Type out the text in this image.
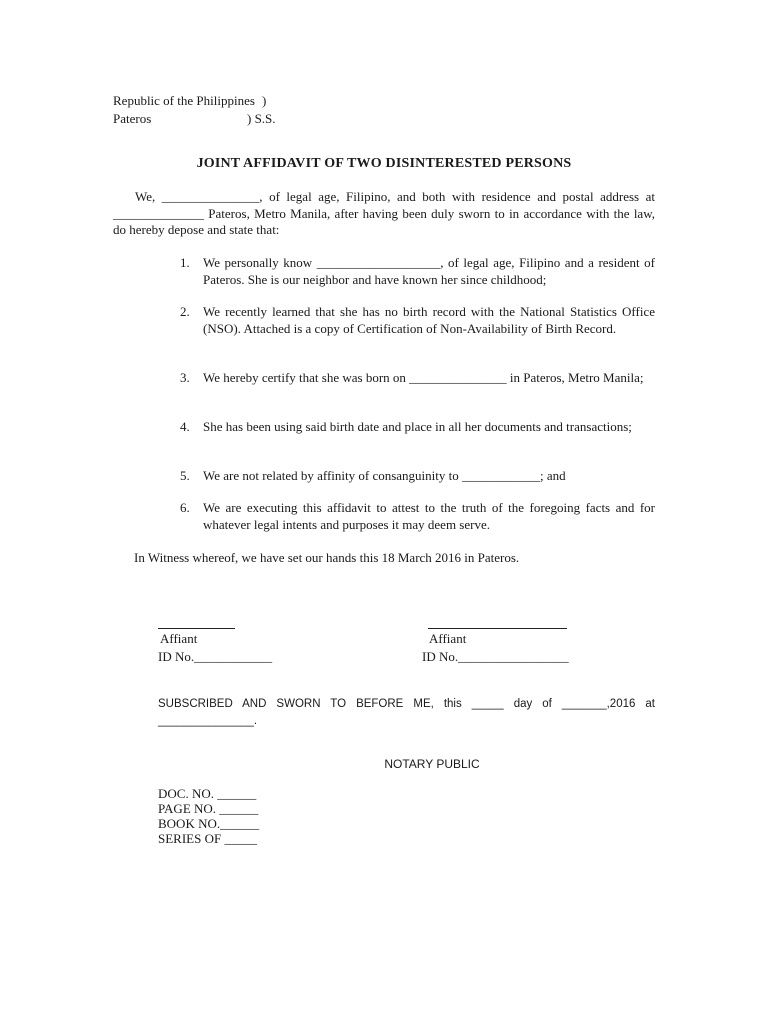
Republic of the Philippines )
Pateros	) S.S.
JOINT AFFIDAVIT OF TWO DISINTERESTED PERSONS
We, _______________, of legal age, Filipino, and both with residence and postal address at ______________ Pateros, Metro Manila, after having been duly sworn to in accordance with the law, do hereby depose and state that:
1.	We personally know ___________________, of legal age, Filipino and a resident of Pateros. She is our neighbor and have known her since childhood;
2.	We recently learned that she has no birth record with the National Statistics Office (NSO). Attached is a copy of Certification of Non-Availability of Birth Record.
3.	We hereby certify that she was born on _______________ in Pateros, Metro Manila;
4.	She has been using said birth date and place in all her documents and transactions;
5.	We are not related by affinity of consanguinity to ____________; and
6.	We are executing this affidavit to attest to the truth of the foregoing facts and for whatever legal intents and purposes it may deem serve.
In Witness whereof, we have set our hands this 18 March 2016 in Pateros.
Affiant
ID No.____________
Affiant
ID No._________________
SUBSCRIBED AND SWORN TO BEFORE ME, this _____ day of _______,2016 at _______________.
NOTARY PUBLIC
DOC. NO. ______
PAGE NO. ______
BOOK NO.______
SERIES OF _____
